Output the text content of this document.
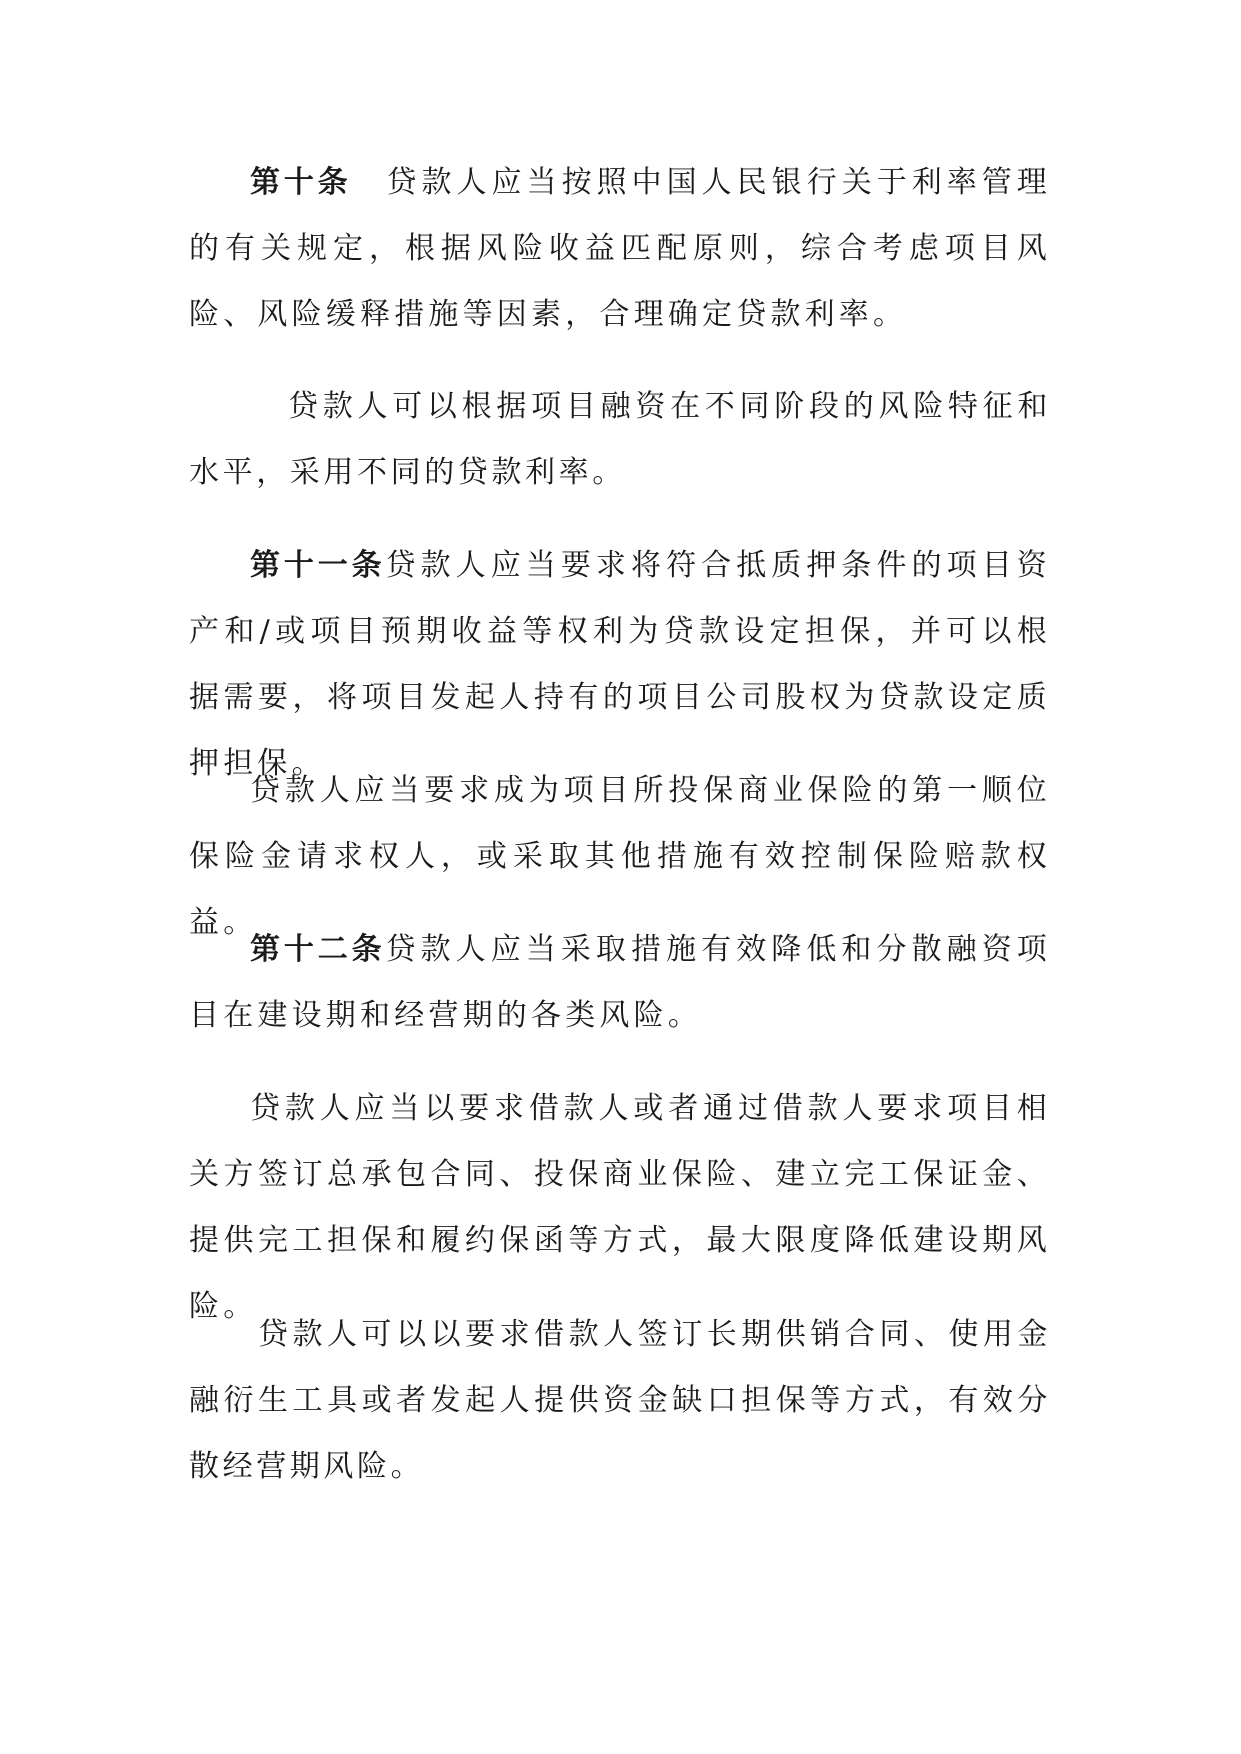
第十条　 贷款人应当按照中国人民银行关于利率管理的有关规定，根据风险收益匹配原则，综合考虑项目风险、风险缓释措施等因素，合理确定贷款利率。

贷款人可以根据项目融资在不同阶段的风险特征和水平，采用不同的贷款利率。

第十一条贷款人应当要求将符合抵质押条件的项目资产和/或项目预期收益等权利为贷款设定担保，并可以根据需要，将项目发起人持有的项目公司股权为贷款设定质押担保。

贷款人应当要求成为项目所投保商业保险的第一顺位保险金请求权人，或采取其他措施有效控制保险赔款权益。

第十二条贷款人应当采取措施有效降低和分散融资项目在建设期和经营期的各类风险。

贷款人应当以要求借款人或者通过借款人要求项目相关方签订总承包合同、投保商业保险、建立完工保证金、提供完工担保和履约保函等方式，最大限度降低建设期风险。

贷款人可以以要求借款人签订长期供销合同、使用金融衍生工具或者发起人提供资金缺口担保等方式，有效分散经营期风险。
